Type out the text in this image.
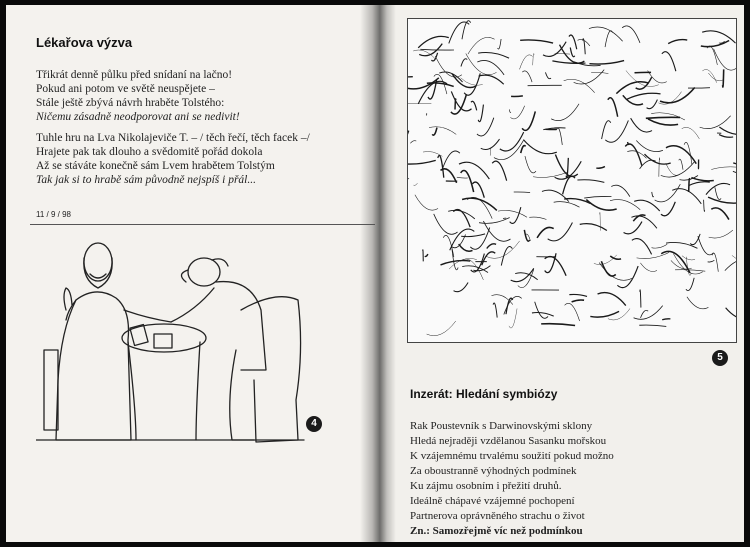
Lékařova výzva
Třikrát denně půlku před snídaní na lačno!
Pokud ani potom ve světě neuspějete –
Stále ještě zbývá návrh hraběte Tolstého:
Ničemu zásadně neodporovat ani se nedivit!
Tuhle hru na Lva Nikolajeviče T. – / těch řečí, těch facek –/
Hrajete pak tak dlouho a svědomitě pořád dokola
Až se stáváte konečně sám Lvem hrabětem Tolstým
Tak jak si to hrabě sám původně nejspíš i přál...
11 / 9 / 98
4
5
Inzerát: Hledání symbiózy
Rak Poustevník s Darwinovskými sklony
Hledá nejraději vzdělanou Sasanku mořskou
K vzájemnému trvalému soužití pokud možno
Za oboustranně výhodných podmínek
Ku zájmu osobním i přežití druhů.
Ideálně chápavé vzájemné pochopení
Partnerova oprávněného strachu o život
Zn.: Samozřejmě víc než podmínkou
